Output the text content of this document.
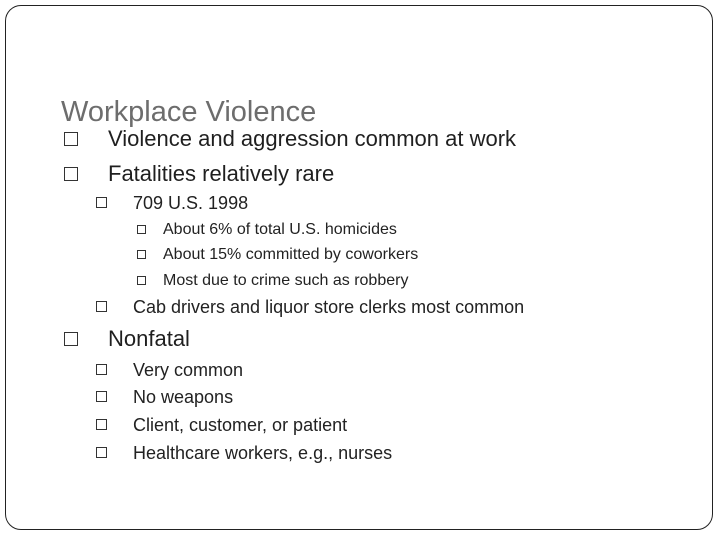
Workplace Violence
Violence and aggression common at work
Fatalities relatively rare
709 U.S. 1998
About 6% of total U.S. homicides
About 15% committed by coworkers
Most due to crime such as robbery
Cab drivers and liquor store clerks most common
Nonfatal
Very common
No weapons
Client, customer, or patient
Healthcare workers, e.g., nurses
